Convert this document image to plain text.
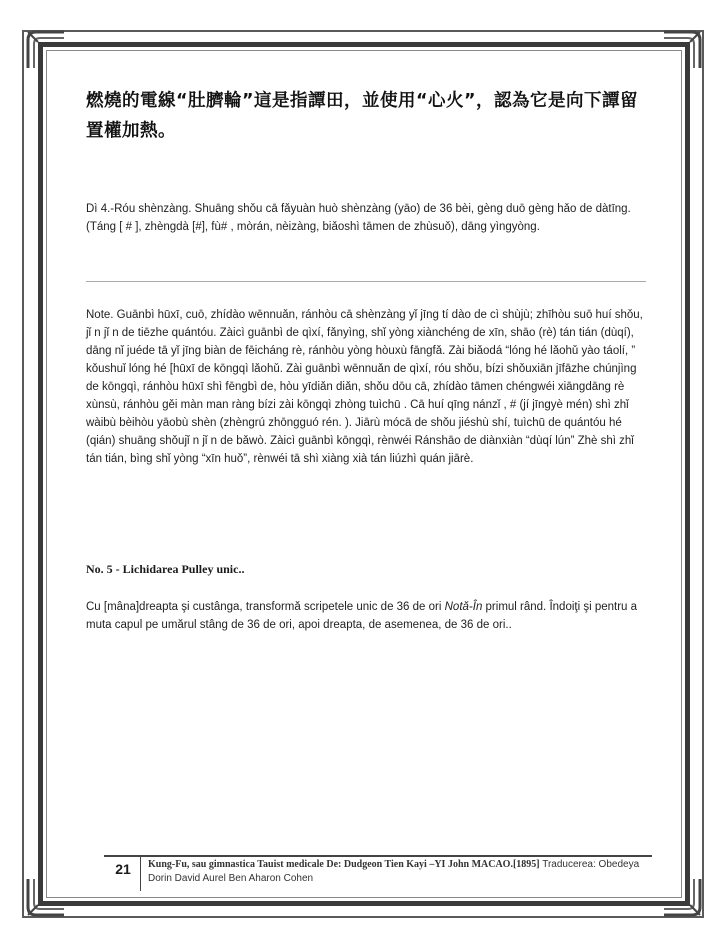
燃燒的電線“肚臍輪”這是指譚田，並使用“心火”，認為它是向下譚留置權加熱。

Dì 4.-Róu shènzàng. Shuāng shǒu cā fǎyuàn huò shènzàng (yāo) de 36 bèi, gèng duō gèng hǎo de dàtīng. (Táng [ # ], zhèngdà [#], fù# , mòrán, nèizàng, biǎoshì tāmen de zhùsuǒ), dāng yìngyòng.

Note. Guānbì hūxī, cuō, zhídào wēnnuǎn, ránhòu cā shènzàng yǐ jīng tí dào de cì shùjù; zhīhòu suō huí shǒu, jǐ n jǐ n de tiēzhe quántóu. Zàicì guānbì de qìxí, fǎnyìng, shǐ yòng xiànchéng de xīn, shāo (rè) tán tián (dùqí), dāng nǐ juéde tā yǐ jīng biàn de fēicháng rè, ránhòu yòng hòuxù fāngfǎ. Zài biǎodá “lóng hé lǎohǔ yào táolí, ” kǒushuǐ lóng hé [hūxī de kōngqì lǎohǔ. Zài guānbì wēnnuǎn de qìxí, róu shǒu, bízi shǒuxiān jīfāzhe chúnjìng de kōngqì, ránhòu hūxī shì fēngbì de, hòu yīdiǎn diǎn, shǒu dōu cā, zhídào tāmen chéngwéi xiāngdāng rè xùnsù, ránhòu gěi màn man ràng bízi zài kōngqì zhòng tuìchū . Cā huí qīng nánzǐ , # (jí jīngyè mén) shì zhǐ wàibù bèihòu yāobù shèn (zhèngrú zhōngguó rén. ). Jiārù mócā de shǒu jiéshù shí, tuìchū de quántóu hé (qián) shuāng shǒujǐ n jǐ n de bǎwò. Zàicì guānbì kōngqì, rènwéi Ránshāo de diànxiàn “dùqí lún” Zhè shì zhǐ tán tián, bìng shǐ yòng “xīn huǒ”, rènwéi tā shì xiàng xià tán liúzhì quán jiārè.

No. 5 - Lichidarea Pulley unic..

Cu [mâna]dreapta şi custânga, transformă scripetele unic de 36 de ori Notă-În primul rând. Îndoiţi şi pentru a muta capul pe umărul stâng de 36 de ori, apoi dreapta, de asemenea, de 36 de ori..

21	Kung-Fu, sau gimnastica Tauist medicale De: Dudgeon Tien Kayi –YI John MACAO.[1895] Traducerea: Obedeya Dorin David Aurel Ben Aharon Cohen
